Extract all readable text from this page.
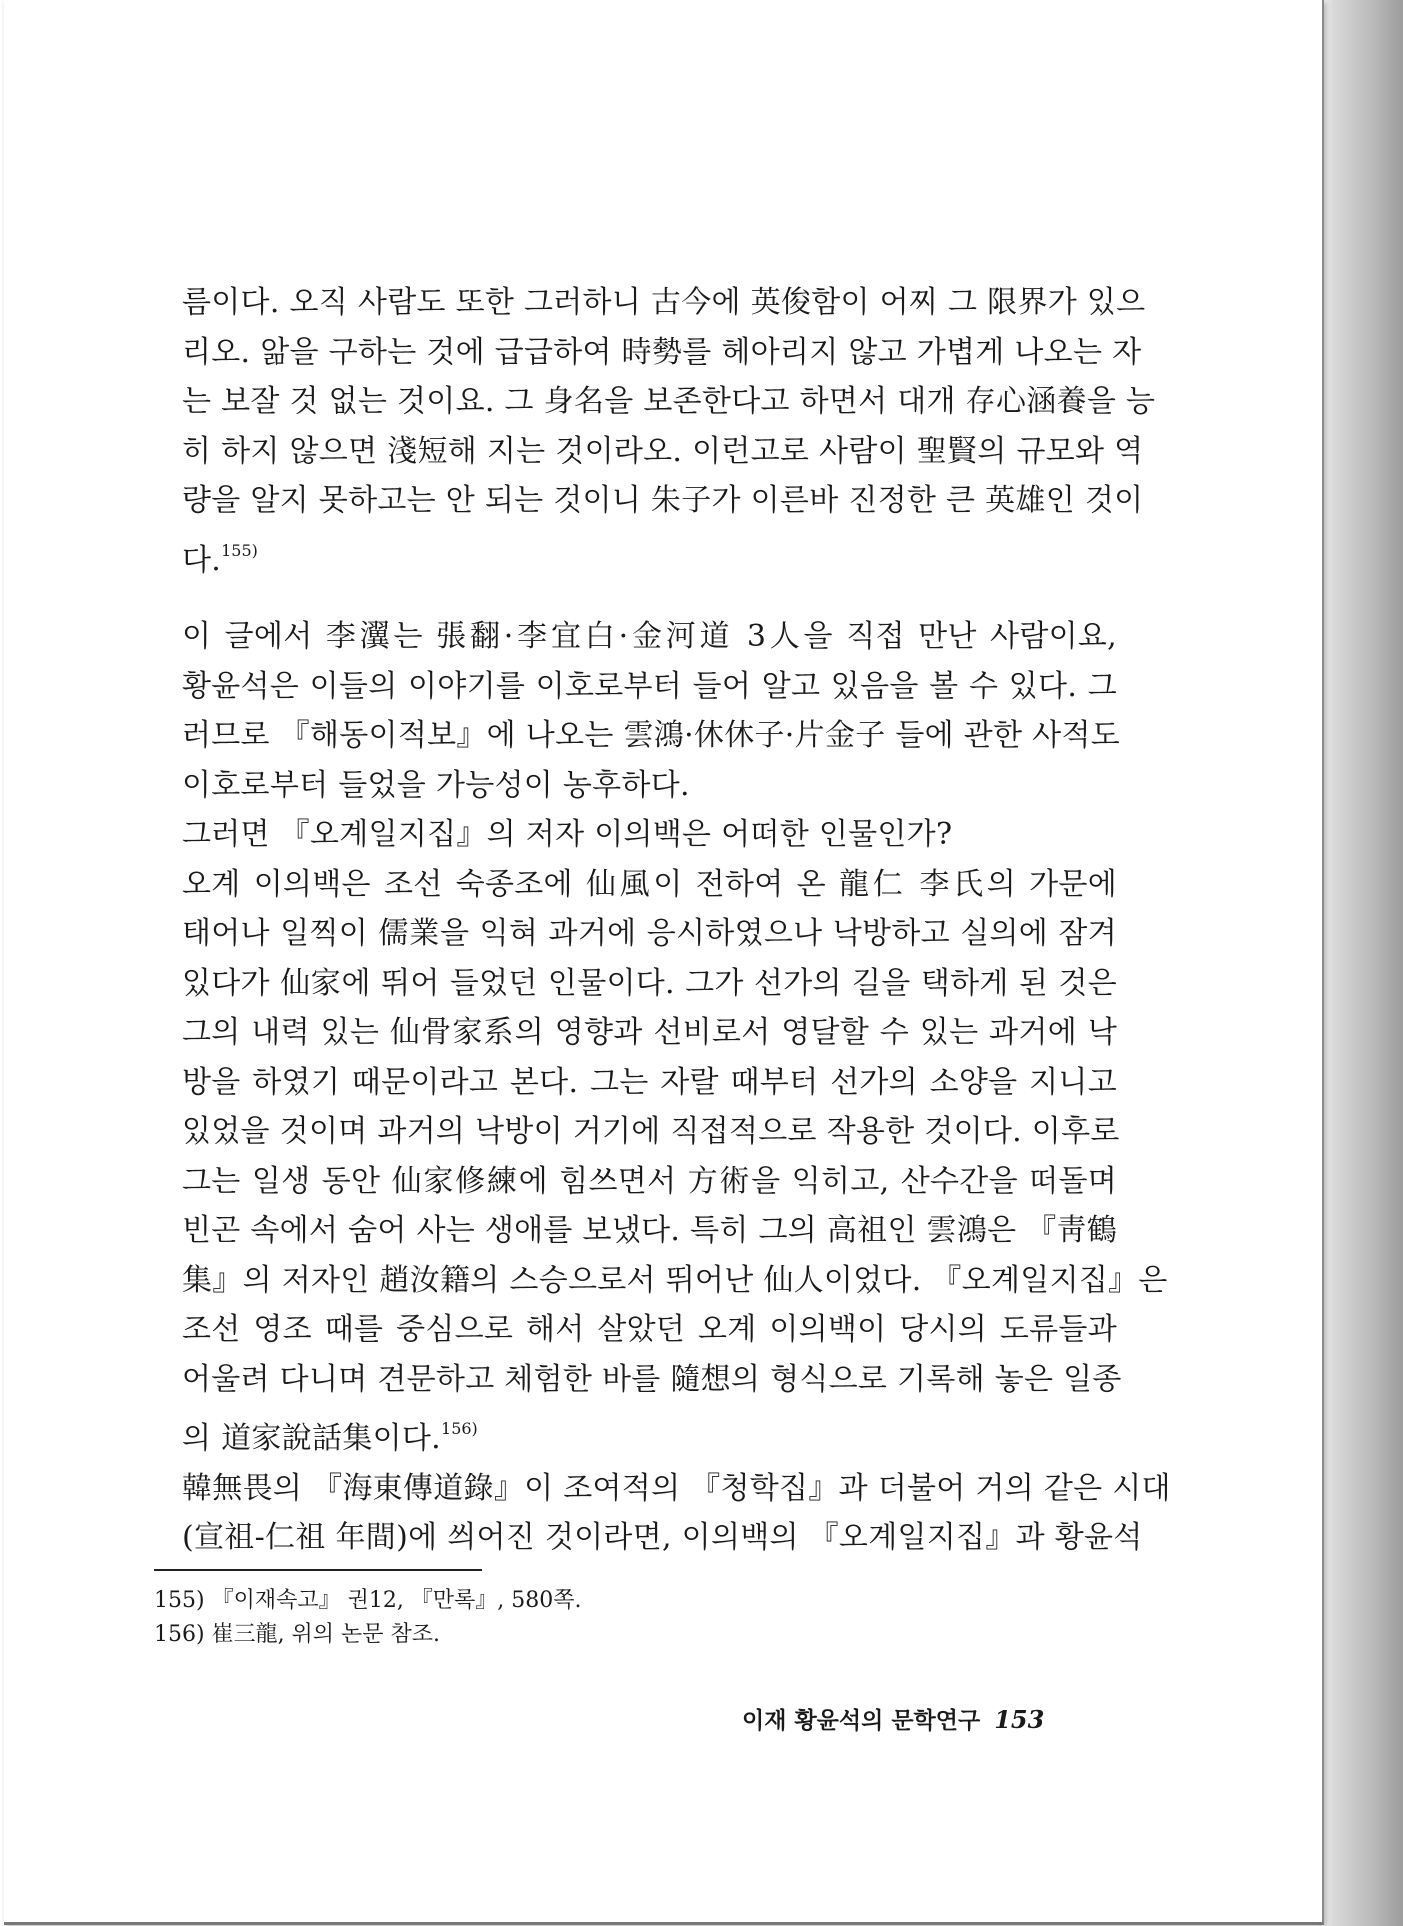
름이다. 오직 사람도 또한 그러하니 古今에 英俊함이 어찌 그 限界가 있으
리오. 앎을 구하는 것에 급급하여 時勢를 헤아리지 않고 가볍게 나오는 자
는 보잘 것 없는 것이요. 그 身名을 보존한다고 하면서 대개 存心涵養을 능
히 하지 않으면 淺短해 지는 것이라오. 이런고로 사람이 聖賢의 규모와 역
량을 알지 못하고는 안 되는 것이니 朱子가 이른바 진정한 큰 英雄인 것이
다.$^{155)}$
이 글에서 李瀷는 張翻·李宜白·金河道 3人을 직접 만난 사람이요,
황윤석은 이들의 이야기를 이호로부터 들어 알고 있음을 볼 수 있다. 그
러므로 『해동이적보』에 나오는 雲鴻·休休子·片金子 들에 관한 사적도
이호로부터 들었을 가능성이 농후하다.
그러면 『오계일지집』의 저자 이의백은 어떠한 인물인가?
오계 이의백은 조선 숙종조에 仙風이 전하여 온 龍仁 李氏의 가문에
태어나 일찍이 儒業을 익혀 과거에 응시하였으나 낙방하고 실의에 잠겨
있다가 仙家에 뛰어 들었던 인물이다. 그가 선가의 길을 택하게 된 것은
그의 내력 있는 仙骨家系의 영향과 선비로서 영달할 수 있는 과거에 낙
방을 하였기 때문이라고 본다. 그는 자랄 때부터 선가의 소양을 지니고
있었을 것이며 과거의 낙방이 거기에 직접적으로 작용한 것이다. 이후로
그는 일생 동안 仙家修練에 힘쓰면서 方術을 익히고, 산수간을 떠돌며
빈곤 속에서 숨어 사는 생애를 보냈다. 특히 그의 高祖인 雲鴻은 『靑鶴
集』의 저자인 趙汝籍의 스승으로서 뛰어난 仙人이었다. 『오계일지집』은
조선 영조 때를 중심으로 해서 살았던 오계 이의백이 당시의 도류들과
어울려 다니며 견문하고 체험한 바를 隨想의 형식으로 기록해 놓은 일종
의 道家說話集이다.$^{156)}$
韓無畏의 『海東傳道錄』이 조여적의 『청학집』과 더불어 거의 같은 시대
(宣祖-仁祖 年間)에 씌어진 것이라면, 이의백의 『오계일지집』과 황윤석
155) 『이재속고』 권12, 『만록』, 580쪽.
156) 崔三龍, 위의 논문 참조.
이재 황윤석의 문학연구 153
